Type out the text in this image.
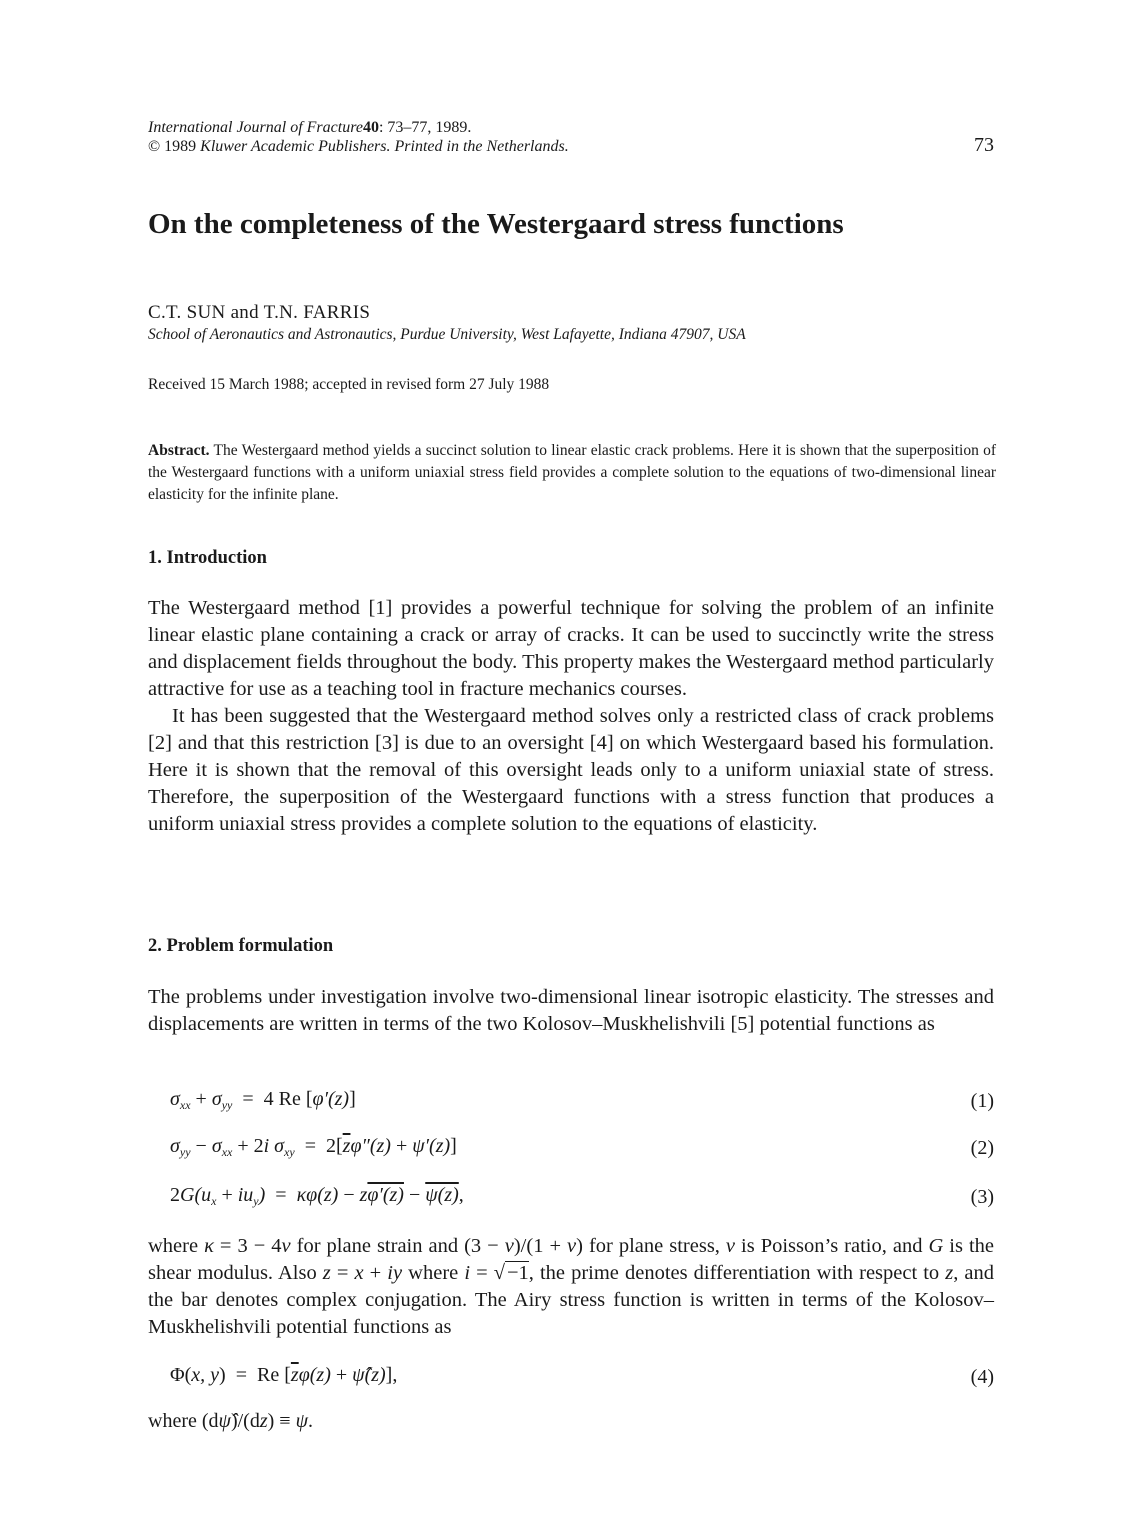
International Journal of Fracture40: 73–77, 1989.
© 1989 Kluwer Academic Publishers. Printed in the Netherlands.	73
On the completeness of the Westergaard stress functions
C.T. SUN and T.N. FARRIS
School of Aeronautics and Astronautics, Purdue University, West Lafayette, Indiana 47907, USA
Received 15 March 1988; accepted in revised form 27 July 1988
Abstract. The Westergaard method yields a succinct solution to linear elastic crack problems. Here it is shown that the superposition of the Westergaard functions with a uniform uniaxial stress field provides a complete solution to the equations of two-dimensional linear elasticity for the infinite plane.
1. Introduction

The Westergaard method [1] provides a powerful technique for solving the problem of an infinite linear elastic plane containing a crack or array of cracks. It can be used to succinctly write the stress and displacement fields throughout the body. This property makes the Westergaard method particularly attractive for use as a teaching tool in fracture mechanics courses.

It has been suggested that the Westergaard method solves only a restricted class of crack problems [2] and that this restriction [3] is due to an oversight [4] on which Westergaard based his formulation. Here it is shown that the removal of this oversight leads only to a uniform uniaxial state of stress. Therefore, the superposition of the Westergaard functions with a stress function that produces a uniform uniaxial stress provides a complete solution to the equations of elasticity.

2. Problem formulation

The problems under investigation involve two-dimensional linear isotropic elasticity. The stresses and displacements are written in terms of the two Kolosov–Muskhelishvili [5] potential functions as

$\sigma_{xx} + \sigma_{yy} = 4$ Re [φ′(z)]	(1)
$\sigma_{yy} - \sigma_{xx} + 2i$ $\sigma_{xy} = 2[\overline{z}\varphi''(z) + \psi'(z)]$	(2)
$2G(u_x + iu_y) = \kappa\varphi(z) - z\varphi'(z) - \psi(z)$,	(3)

where κ = 3 − 4v for plane strain and (3 − v)/(1 + v) for plane stress, v is Poisson’s ratio, and G is the shear modulus. Also z = x + iy where i = √−1, the prime denotes differentiation with respect to z, and the bar denotes complex conjugation. The Airy stress function is written in terms of the Kolosov–Muskhelishvili potential functions as

Φ(x, y) = Re [$\overline{z}\varphi(z)$ + ψ̂(z)],	(4)

where (dψ̂)/(dz) ≡ ψ.
